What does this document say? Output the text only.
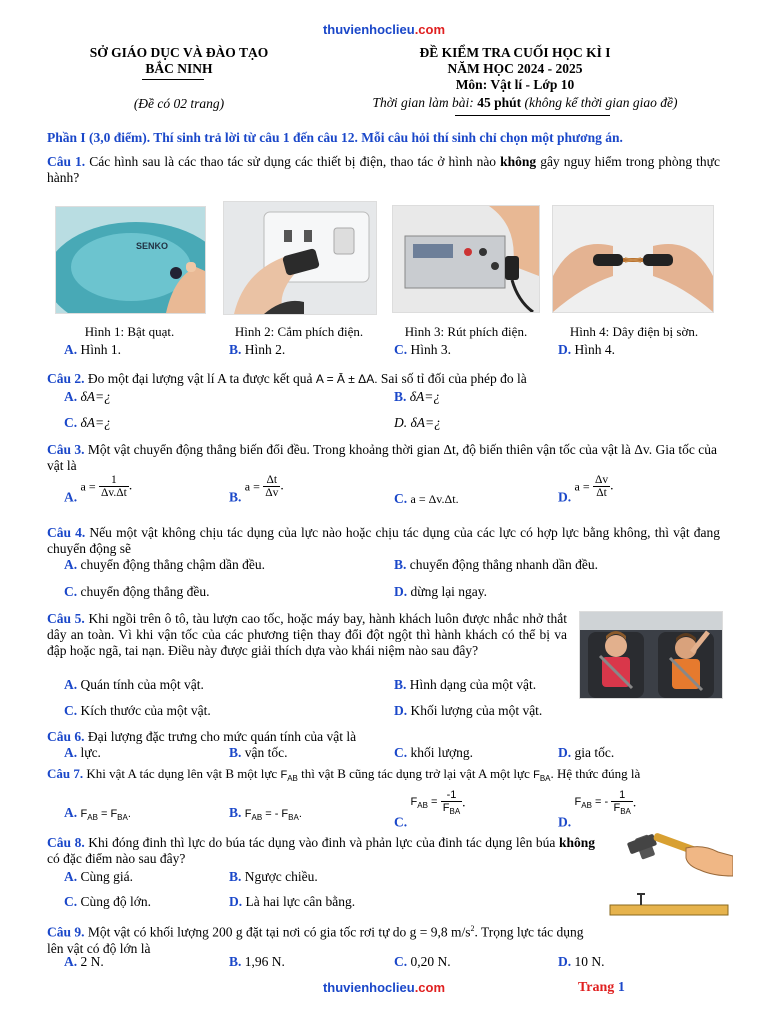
thuvienhoclieu.com
SỞ GIÁO DỤC VÀ ĐÀO TẠO
BẮC NINH
(Đề có 02 trang)
ĐỀ KIỂM TRA CUỐI HỌC KÌ I
NĂM HỌC 2024 - 2025
Môn: Vật lí - Lớp 10
Thời gian làm bài: 45 phút (không kể thời gian giao đề)
Phần I (3,0 điểm). Thí sinh trả lời từ câu 1 đến câu 12. Mỗi câu hỏi thí sinh chỉ chọn một phương án.
Câu 1. Các hình sau là các thao tác sử dụng các thiết bị điện, thao tác ở hình nào không gây nguy hiểm trong phòng thực hành?
SENKO
Hình 1: Bật quạt.	Hình 2: Cắm phích điện.	Hình 3: Rút phích điện.	Hình 4: Dây điện bị sờn.
A. Hình 1.	B. Hình 2.	C. Hình 3.	D. Hình 4.
Câu 2. Đo một đại lượng vật lí A ta được kết quả A = Ā ± ΔA. Sai số tỉ đối của phép đo là
A. δA=¿	B. δA=¿
C. δA=¿	D. δA=¿
Câu 3. Một vật chuyển động thẳng biến đổi đều. Trong khoảng thời gian Δt, độ biến thiên vận tốc của vật là Δv. Gia tốc của vật là
A. $a = \frac{1}{\Delta v.\Delta t}$ .
B. $a = \frac{\Delta t}{\Delta v}$ .
C. a = Δv.Δt.	D. $a = \frac{\Delta v}{\Delta t}$ .
Câu 4. Nếu một vật không chịu tác dụng của lực nào hoặc chịu tác dụng của các lực có hợp lực bằng không, thì vật đang chuyển động sẽ
A. chuyển động thẳng chậm dần đều.	B. chuyển động thẳng nhanh dần đều.
C. chuyển động thẳng đều.	D. dừng lại ngay.
Câu 5. Khi ngồi trên ô tô, tàu lượn cao tốc, hoặc máy bay, hành khách luôn được nhắc nhở thắt dây an toàn. Vì khi vận tốc của các phương tiện thay đổi đột ngột thì hành khách có thể bị va đập hoặc ngã, tai nạn. Điều này được giải thích dựa vào khái niệm nào sau đây?
A. Quán tính của một vật.	B. Hình dạng của một vật.
C. Kích thước của một vật.	D. Khối lượng của một vật.
Câu 6. Đại lượng đặc trưng cho mức quán tính của vật là
A. lực.	B. vận tốc.	C. khối lượng.	D. gia tốc.
Câu 7. Khi vật A tác dụng lên vật B một lực $F_{AB}$ thì vật B cũng tác dụng trở lại vật A một lực $F_{BA}$. Hệ thức đúng là
A. $F_{AB} = F_{BA}$.	B. $F_{AB}$ = - $F_{BA}$.
C. $F_{AB} = \frac{-1}{F_{BA}}$ .
D. $F_{AB}$ = - $\frac{1}{F_{BA}}$ .
Câu 8. Khi đóng đinh thì lực do búa tác dụng vào đinh và phản lực của đinh tác dụng lên búa không có đặc điểm nào sau đây?
A. Cùng giá.	B. Ngược chiều.
C. Cùng độ lớn.	D. Là hai lực cân bằng.
Câu 9. Một vật có khối lượng 200 g đặt tại nơi có gia tốc rơi tự do g = 9,8 $m/s^2$. Trọng lực tác dụng lên vật có độ lớn là
A. 2 N.	B. 1,96 N.	C. 0,20 N.	D. 10 N.
thuvienhoclieu.com	Trang 1
